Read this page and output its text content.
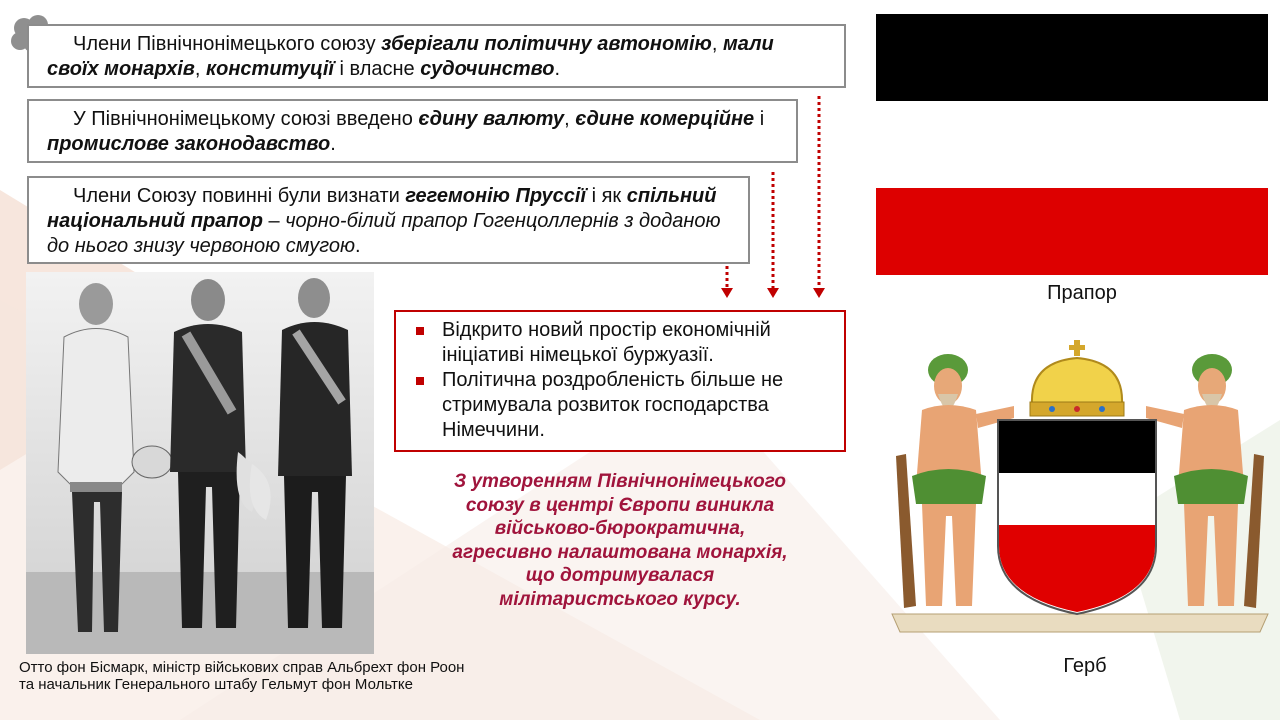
Члени Північнонімецького союзу зберігали політичну автономію, мали своїх монархів, конституції і власне судочинство.

У Північнонімецькому союзі введено єдину валюту, єдине комерційне і промислове законодавство.

Члени Союзу повинні були визнати гегемонію Пруссії і як спільний національний прапор – чорно-білий прапор Гогенцоллернів з доданою до нього знизу червоною смугою.

Відкрито новий простір економічній ініціативі німецької буржуазії.
Політична роздробленість більше не стримувала розвиток господарства Німеччини.
З утворенням Північнонімецького
союзу в центрі Європи виникла
військово-бюрократична,
агресивно налаштована монархія,
що дотримувалася
мілітаристського курсу.
Отто фон Бісмарк, міністр військових справ Альбрехт фон Роон
та начальник Генерального штабу Гельмут фон Мольтке
Прапор
Герб
